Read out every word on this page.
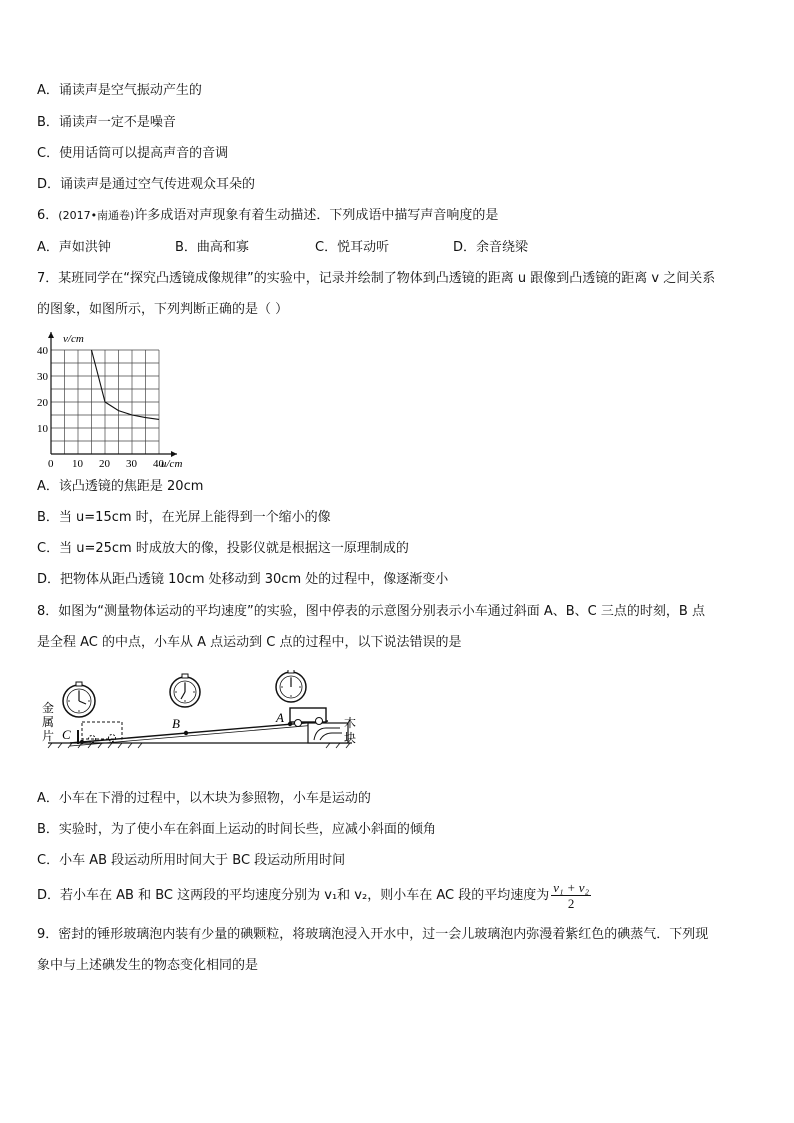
A．诵读声是空气振动产生的
B．诵读声一定不是噪音
C．使用话筒可以提高声音的音调
D．诵读声是通过空气传进观众耳朵的
6．(2017•南通卷)许多成语对声现象有着生动描述．下列成语中描写声音响度的是
A．声如洪钟	B．曲高和寡	C．悦耳动听	D．余音绕梁
7．某班同学在“探究凸透镜成像规律”的实验中，记录并绘制了物体到凸透镜的距离 u 跟像到凸透镜的距离 v 之间关系
的图象，如图所示，下列判断正确的是（ ）
0 10 20 30 40
10
20
30
40
u/cm
v/cm
A．该凸透镜的焦距是 20cm
B．当 u=15cm 时，在光屏上能得到一个缩小的像
C．当 u=25cm 时成放大的像，投影仪就是根据这一原理制成的
D．把物体从距凸透镜 10cm 处移动到 30cm 处的过程中，像逐渐变小
8．如图为“测量物体运动的平均速度”的实验，图中停表的示意图分别表示小车通过斜面 A、B、C 三点的时刻，B 点
是全程 AC 的中点，小车从 A 点运动到 C 点的过程中，以下说法错误的是
C
B	A
金
属
片
木
块
A．小车在下滑的过程中，以木块为参照物，小车是运动的
B．实验时，为了使小车在斜面上运动的时间长些，应减小斜面的倾角
C．小车 AB 段运动所用时间大于 BC 段运动所用时间
D．若小车在 AB 和 BC 这两段的平均速度分别为 v₁和 v₂，则小车在 AC 段的平均速度为 $\frac{\text{v₁ + v₂}}{2}$
9．密封的锤形玻璃泡内装有少量的碘颗粒，将玻璃泡浸入开水中，过一会儿玻璃泡内弥漫着紫红色的碘蒸气．下列现
象中与上述碘发生的物态变化相同的是
